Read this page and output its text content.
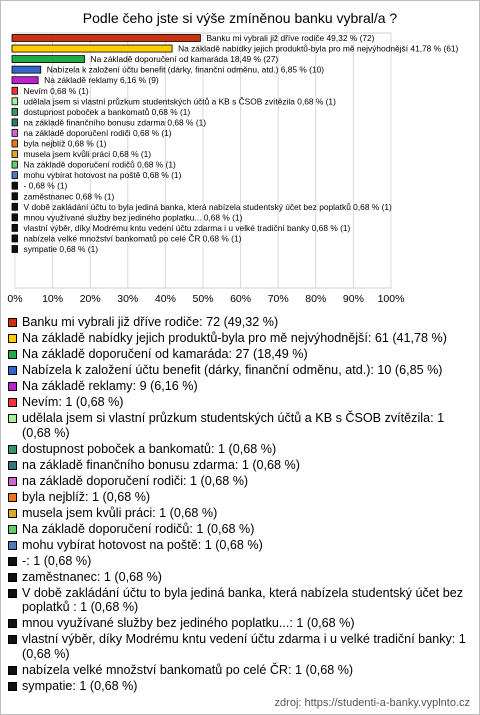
Podle čeho jste si výše zmíněnou banku vybral/a ?
0% 10% 20% 30% 40% 50% 60% 70% 80% 90% 100%
Banku mi vybrali již dříve rodiče 49,32 % (72)
Na základě nabídky jejich produktů-byla pro mě nejvýhodnější 41,78 % (61)
Na základě doporučení od kamaráda 18,49 % (27)
Nabízela k založení účtu benefit (dárky, finanční odměnu, atd.) 6,85 % (10)
Na základě reklamy 6,16 % (9)
Nevím 0,68 % (1)
udělala jsem si vlastní průzkum studentských účtů a KB s ČSOB zvítězila 0,68 % (1)
dostupnost poboček a bankomatů 0,68 % (1)
na základě finančního bonusu zdarma 0,68 % (1)
na základě doporučení rodiči 0,68 % (1)
byla nejblíž 0,68 % (1)
musela jsem kvůli práci 0,68 % (1)
Na základě doporučení rodičů 0,68 % (1)
mohu vybírat hotovost na poště 0,68 % (1)
- 0,68 % (1)
zaměstnanec 0,68 % (1)
V době zakládání účtu to byla jediná banka, která nabízela studentský účet bez poplatků 0,68 % (1)
mnou využívané služby bez jediného poplatku... 0,68 % (1)
vlastní výběr, díky Modrému kntu vedení účtu zdarma i u velké tradiční banky 0,68 % (1)
nabízela velké množství bankomatů po celé ČR 0,68 % (1)
sympatie 0,68 % (1)
Banku mi vybrali již dříve rodiče: 72 (49,32 %)
Na základě nabídky jejich produktů-byla pro mě nejvýhodnější: 61 (41,78 %)
Na základě doporučení od kamaráda: 27 (18,49 %)
Nabízela k založení účtu benefit (dárky, finanční odměnu, atd.): 10 (6,85 %)
Na základě reklamy: 9 (6,16 %)
Nevím: 1 (0,68 %)
udělala jsem si vlastní průzkum studentských účtů a KB s ČSOB zvítězila: 1 (0,68 %)
dostupnost poboček a bankomatů: 1 (0,68 %)
na základě finančního bonusu zdarma: 1 (0,68 %)
na základě doporučení rodiči: 1 (0,68 %)
byla nejblíž: 1 (0,68 %)
musela jsem kvůli práci: 1 (0,68 %)
Na základě doporučení rodičů: 1 (0,68 %)
mohu vybírat hotovost na poště: 1 (0,68 %)
-: 1 (0,68 %)
zaměstnanec: 1 (0,68 %)
V době zakládání účtu to byla jediná banka, která nabízela studentský účet bez poplatků : 1 (0,68 %)
mnou využívané služby bez jediného poplatku...: 1 (0,68 %)
vlastní výběr, díky Modrému kntu vedení účtu zdarma i u velké tradiční banky: 1 (0,68 %)
nabízela velké množství bankomatů po celé ČR: 1 (0,68 %)
sympatie: 1 (0,68 %)
zdroj: https://studenti-a-banky.vyplnto.cz
